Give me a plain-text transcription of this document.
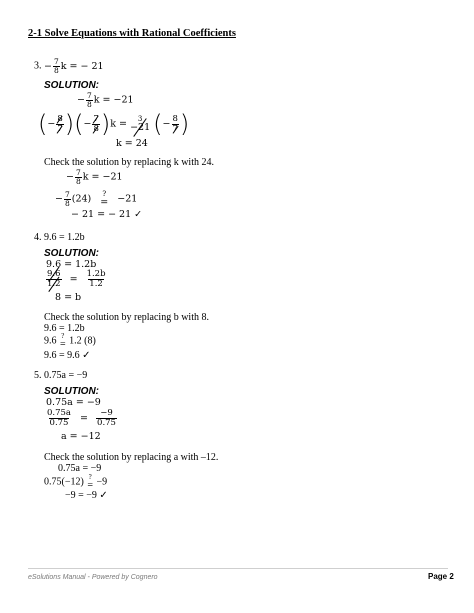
2-1 Solve Equations with Rational Coefficients
3. − $\frac{7}{8}$ k = − 21
SOLUTION:
− $\frac{7}{8}$ k = −21
(− $\frac{8}{7}$ )(− $\frac{7}{8} )k = 3$
−21 (− $\frac{8}{7}$ )
k = 24
Check the solution by replacing k with 24.
− $\frac{7}{8}$ k = −21
− $\frac{7}{8} (24)$ ?
= −21
− 21 = − 21 ✓
4. 9.6 = 1.2b
SOLUTION:
9.6 = 1.2b
$\frac{9.6}{1.2} = \frac{1.2b}{1.2}$
8 = b
Check the solution by replacing b with 8.
9.6 = 1.2b
9.6 ?
= 1.2 (8)
9.6 = 9.6 ✓
5. 0.75a = −9
SOLUTION:
0.75a = −9
$\frac{0.75a}{0.75} = \frac{-9}{0.75}$
a = −12
Check the solution by replacing a with –12.
0.75a = −9
0.75(−12) ?
= −9
−9 = −9 ✓
eSolutions Manual - Powered by Cognero	Page 2
